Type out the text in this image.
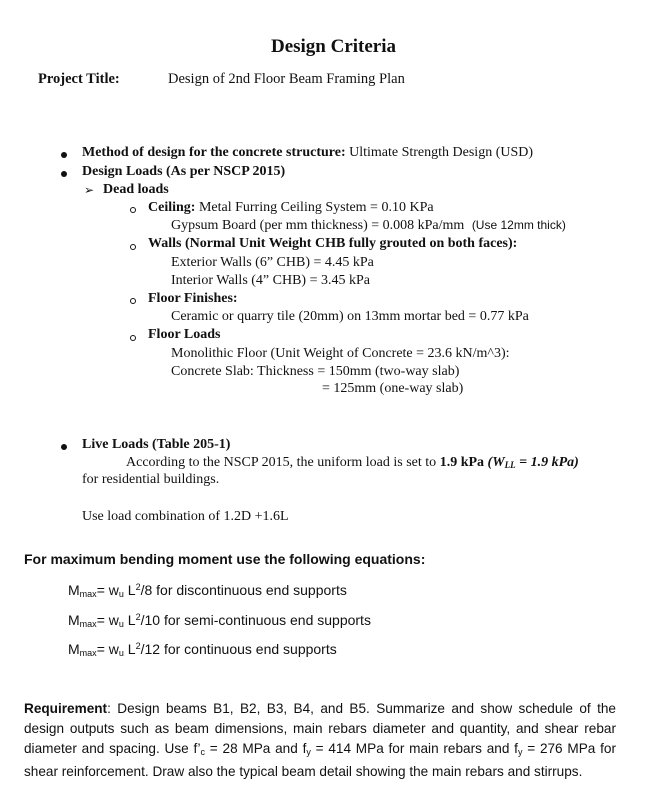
Design Criteria
Project Title:	Design of 2nd Floor Beam Framing Plan
Method of design for the concrete structure: Ultimate Strength Design (USD)
Design Loads (As per NSCP 2015)
➢ Dead loads
Ceiling: Metal Furring Ceiling System = 0.10 KPa
Gypsum Board (per mm thickness) = 0.008 kPa/mm (Use 12mm thick)
Walls (Normal Unit Weight CHB fully grouted on both faces):
Exterior Walls (6” CHB) = 4.45 kPa
Interior Walls (4” CHB) = 3.45 kPa
Floor Finishes:
Ceramic or quarry tile (20mm) on 13mm mortar bed = 0.77 kPa
Floor Loads
Monolithic Floor (Unit Weight of Concrete = 23.6 kN/m^3):
Concrete Slab: Thickness = 150mm (two-way slab)
= 125mm (one-way slab)
Live Loads (Table 205-1)
According to the NSCP 2015, the uniform load is set to 1.9 kPa ($W_{LL} = 1.9$ kPa)
for residential buildings.
Use load combination of 1.2D +1.6L
For maximum bending moment use the following equations:
$M_{max}= w_u$ $L^2/8$ for discontinuous end supports
$M_{max}= w_u$ $L^2/10$ for semi-continuous end supports
$M_{max}= w_u$ $L^2/12$ for continuous end supports
Requirement: Design beams B1, B2, B3, B4, and B5. Summarize and show schedule of the design outputs such as beam dimensions, main rebars diameter and quantity, and shear rebar diameter and spacing. Use $f’_c = 28$ MPa and $f_y = 414$ MPa for main rebars and $f_y = 276$ MPa for shear reinforcement. Draw also the typical beam detail showing the main rebars and stirrups.
